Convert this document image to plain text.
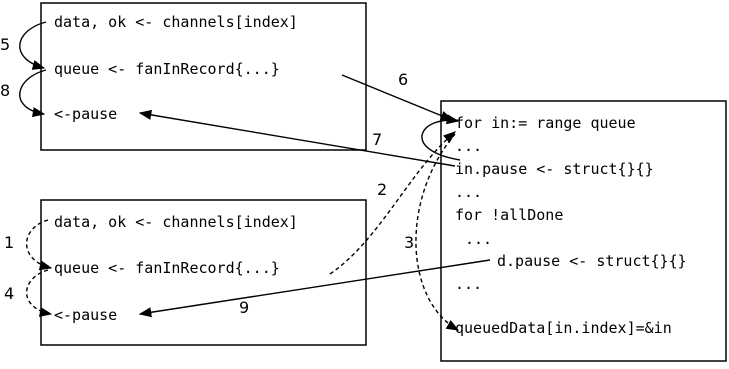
data, ok <- channels[index]
queue <- fanInRecord{...}
<-pause
data, ok <- channels[index]
queue <- fanInRecord{...}
<-pause
for in:= range queue
...
in.pause <- struct{}{}
...
for !allDone
...
d.pause <- struct{}{}
...
queuedData[in.index]=&in
5
8
1
4
6
7
2
3
9
